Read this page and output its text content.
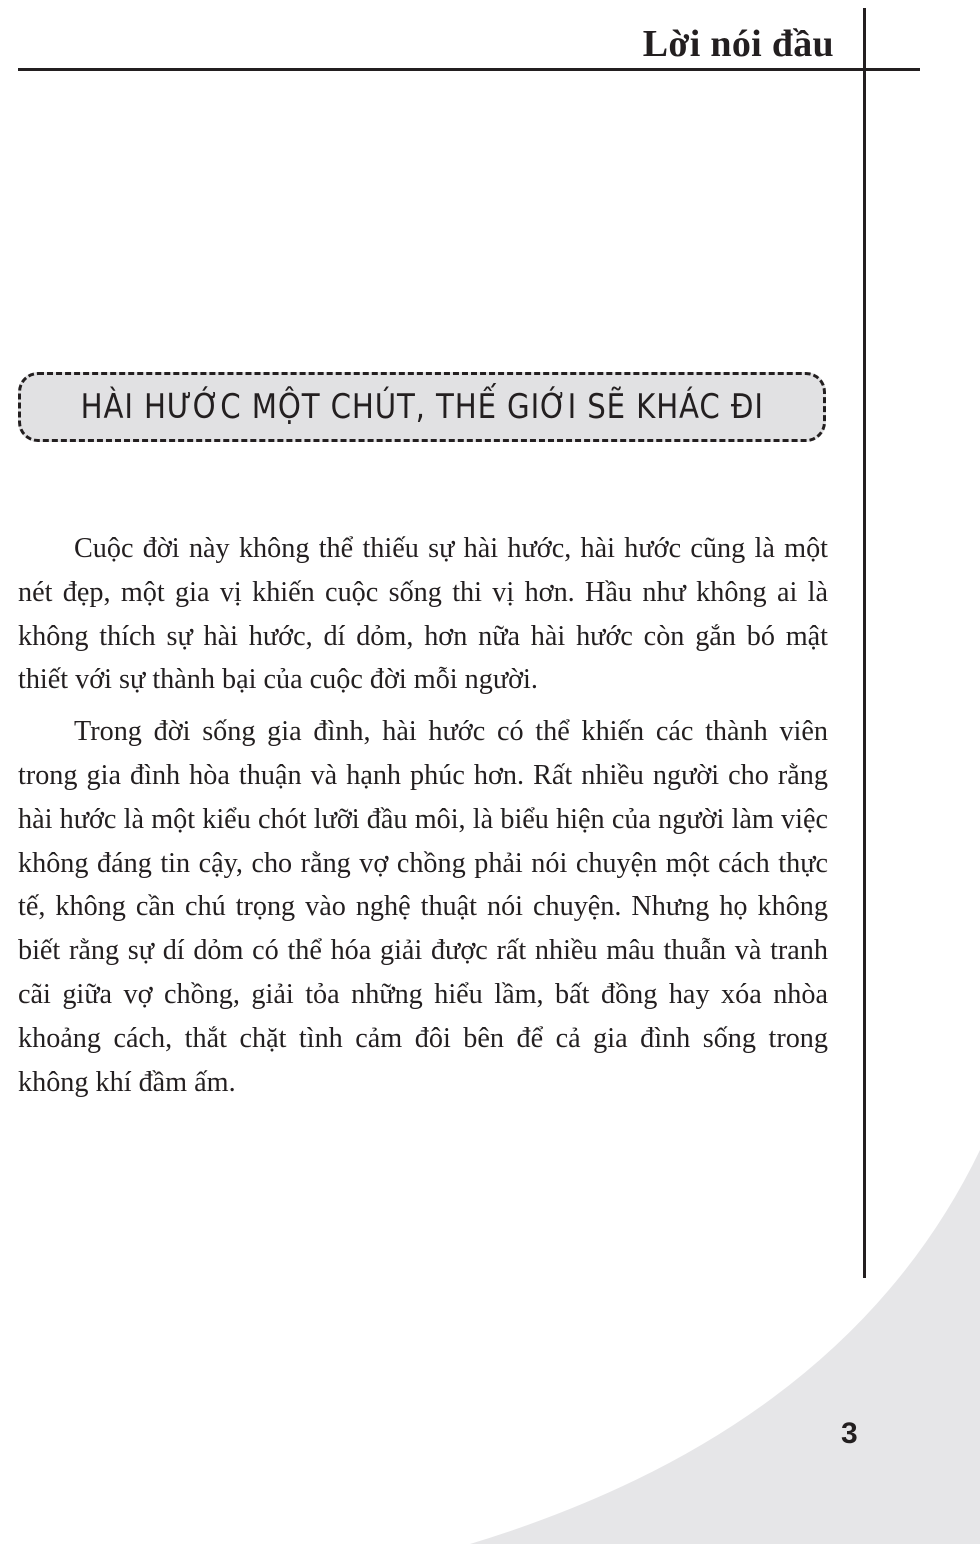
Lời nói đầu
HÀI HƯỚC MỘT CHÚT, THẾ GIỚI SẼ KHÁC ĐI

Cuộc đời này không thể thiếu sự hài hước, hài hước cũng là một nét đẹp, một gia vị khiến cuộc sống thi vị hơn. Hầu như không ai là không thích sự hài hước, dí dỏm, hơn nữa hài hước còn gắn bó mật thiết với sự thành bại của cuộc đời mỗi người.

Trong đời sống gia đình, hài hước có thể khiến các thành viên trong gia đình hòa thuận và hạnh phúc hơn. Rất nhiều người cho rằng hài hước là một kiểu chót lưỡi đầu môi, là biểu hiện của người làm việc không đáng tin cậy, cho rằng vợ chồng phải nói chuyện một cách thực tế, không cần chú trọng vào nghệ thuật nói chuyện. Nhưng họ không biết rằng sự dí dỏm có thể hóa giải được rất nhiều mâu thuẫn và tranh cãi giữa vợ chồng, giải tỏa những hiểu lầm, bất đồng hay xóa nhòa khoảng cách, thắt chặt tình cảm đôi bên để cả gia đình sống trong không khí đầm ấm.

3
